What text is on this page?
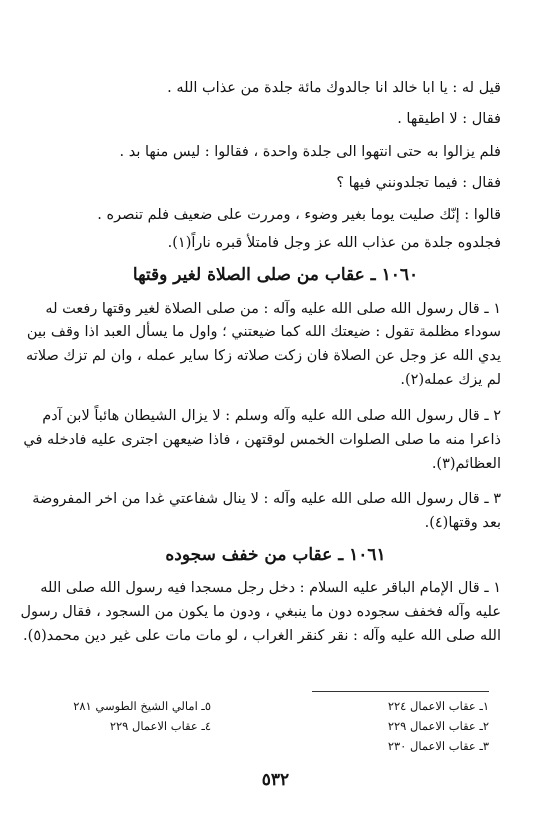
قيل له : يا ابا خالد انا جالدوك مائة جلدة من عذاب الله .
فقال : لا اطيقها .
فلم يزالوا به حتى انتهوا الى جلدة واحدة ، فقالوا : ليس منها بد .
فقال : فيما تجلدونني فيها ؟
قالوا : إنّك صليت يوما بغير وضوء ، ومررت على ضعيف فلم تنصره .
فجلدوه جلدة من عذاب الله عز وجل فامتلأ قبره ناراً(١).
١٠٦٠ ـ عقاب من صلى الصلاة لغير وقتها
١ ـ قال رسول الله صلى الله عليه وآله : من صلى الصلاة لغير وقتها رفعت له
سوداء مظلمة تقول : ضيعتك الله كما ضيعتني ؛ واول ما يسأل العبد اذا وقف بين
يدي الله عز وجل عن الصلاة فان زكت صلاته زكا ساير عمله ، وان لم تزك صلاته
لم يزك عمله(٢).
٢ ـ قال رسول الله صلى الله عليه وآله وسلم : لا يزال الشيطان هائباً لابن آدم
ذاعرا منه ما صلى الصلوات الخمس لوقتهن ، فاذا ضيعهن اجترى عليه فادخله في
العظائم(٣).
٣ ـ قال رسول الله صلى الله عليه وآله : لا ينال شفاعتي غدا من اخر المفروضة
بعد وقتها(٤).
١٠٦١ ـ عقاب من خفف سجوده
١ ـ قال الإمام الباقر عليه السلام : دخل رجل مسجدا فيه رسول الله صلى الله
عليه وآله فخفف سجوده دون ما ينبغي ، ودون ما يكون من السجود ، فقال رسول
الله صلى الله عليه وآله : نقر كنقر الغراب ، لو مات مات على غير دين محمد(٥).
١ـ عقاب الاعمال ٢٢٤
٢ـ عقاب الاعمال ٢٢٩
٣ـ عقاب الاعمال ٢٣٠
٥ـ امالي الشيخ الطوسي ٢٨١
٤ـ عقاب الاعمال ٢٢٩
٥٣٢
